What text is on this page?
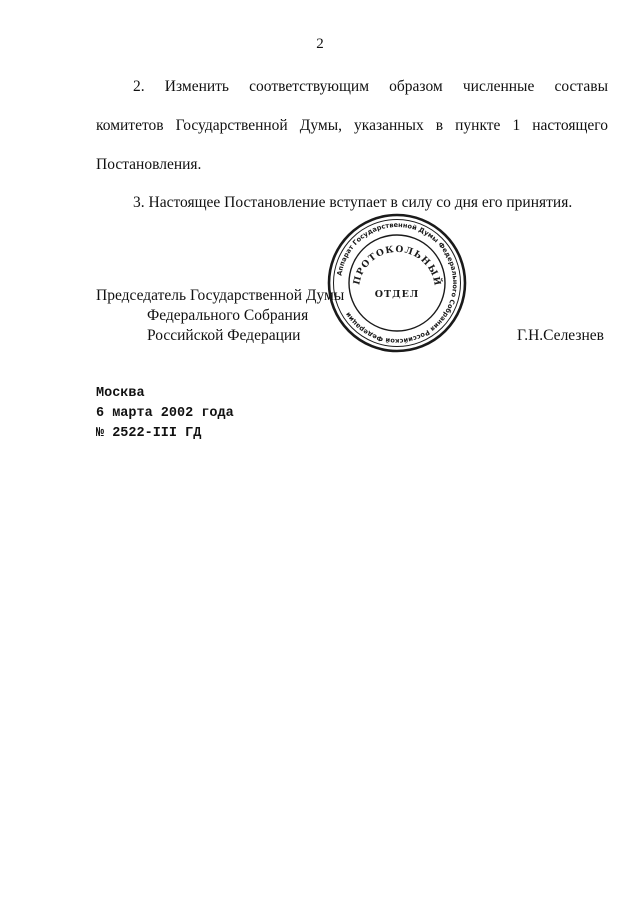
2
2. Изменить соответствующим образом численные составы
комитетов Государственной Думы, указанных в пункте 1 настоящего
Постановления.
3. Настоящее Постановление вступает в силу со дня его принятия.
Аппарат Государственной Думы Федерального Собрания Российской Федерации
ПРОТОКОЛЬНЫЙ
ОТДЕЛ
Председатель Государственной Думы
Федерального Собрания
Российской Федерации	Г.Н.Селезнев
Москва
6 марта 2002 года
№ 2522-III ГД
